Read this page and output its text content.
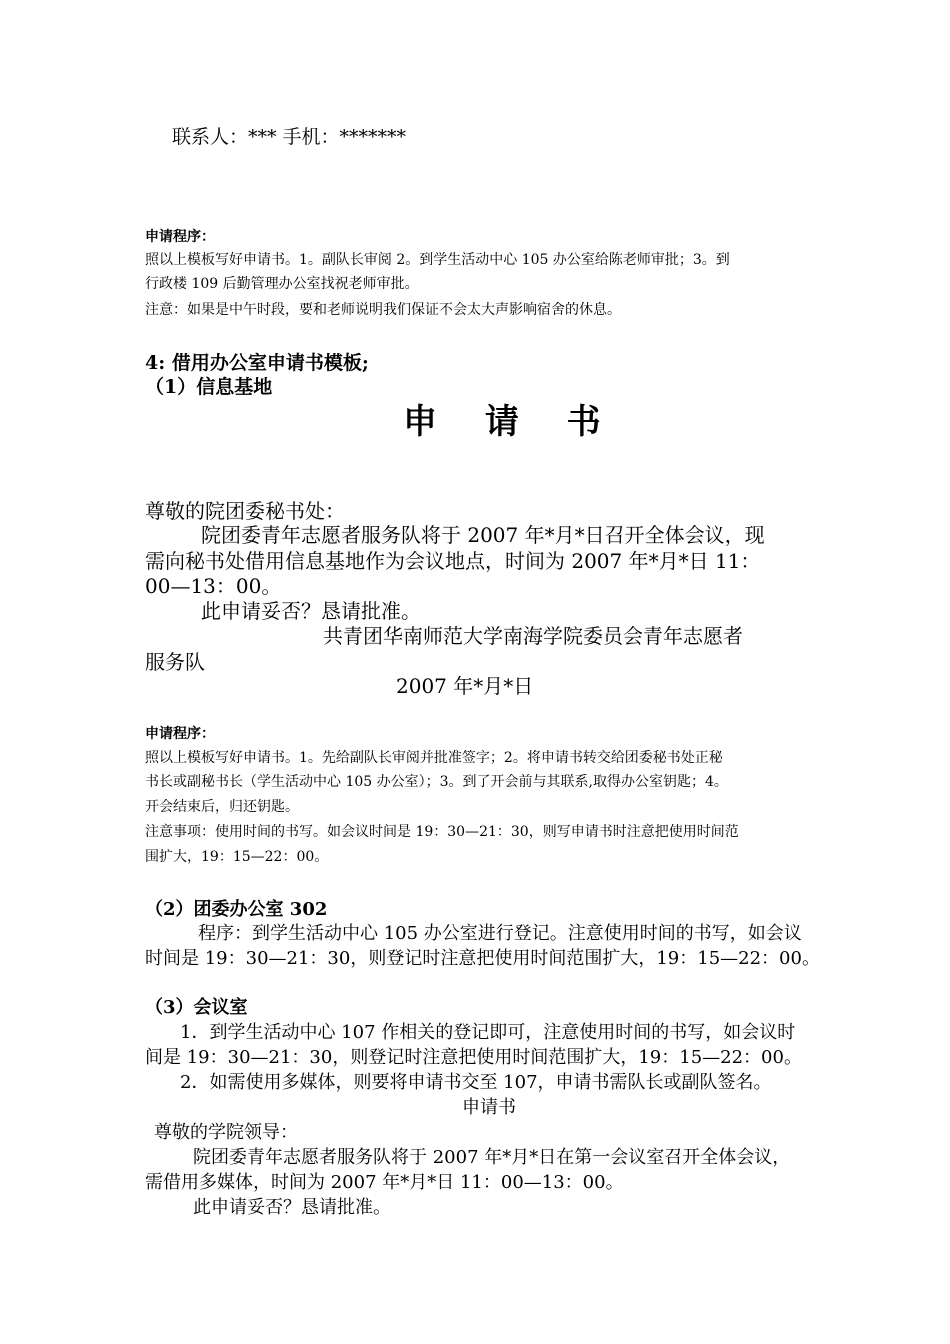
联系人：*** 手机：*******

申请程序：

照以上模板写好申请书。1。副队长审阅 2。到学生活动中心 105 办公室给陈老师审批；3。到

行政楼 109 后勤管理办公室找祝老师审批。

注意：如果是中午时段，要和老师说明我们保证不会太大声影响宿舍的休息。

4: 借用办公室申请书模板;

（1）信息基地

申 请 书

尊敬的院团委秘书处：

院团委青年志愿者服务队将于 2007 年*月*日召开全体会议，现

需向秘书处借用信息基地作为会议地点，时间为 2007 年*月*日 11：

00—13：00。

此申请妥否？恳请批准。

共青团华南师范大学南海学院委员会青年志愿者

服务队

2007 年*月*日

申请程序：

照以上模板写好申请书。1。先给副队长审阅并批准签字；2。将申请书转交给团委秘书处正秘

书长或副秘书长（学生活动中心 105 办公室）；3。到了开会前与其联系,取得办公室钥匙；4。

开会结束后，归还钥匙。

注意事项：使用时间的书写。如会议时间是 19：30—21：30，则写申请书时注意把使用时间范

围扩大，19：15—22：00。

（2）团委办公室 302

程序：到学生活动中心 105 办公室进行登记。注意使用时间的书写，如会议

时间是 19：30—21：30，则登记时注意把使用时间范围扩大，19：15—22：00。

（3）会议室

1．到学生活动中心 107 作相关的登记即可，注意使用时间的书写，如会议时

间是 19：30—21：30，则登记时注意把使用时间范围扩大，19：15—22：00。

2．如需使用多媒体，则要将申请书交至 107，申请书需队长或副队签名。

申请书

尊敬的学院领导：

院团委青年志愿者服务队将于 2007 年*月*日在第一会议室召开全体会议，

需借用多媒体，时间为 2007 年*月*日 11：00—13：00。

此申请妥否？恳请批准。
